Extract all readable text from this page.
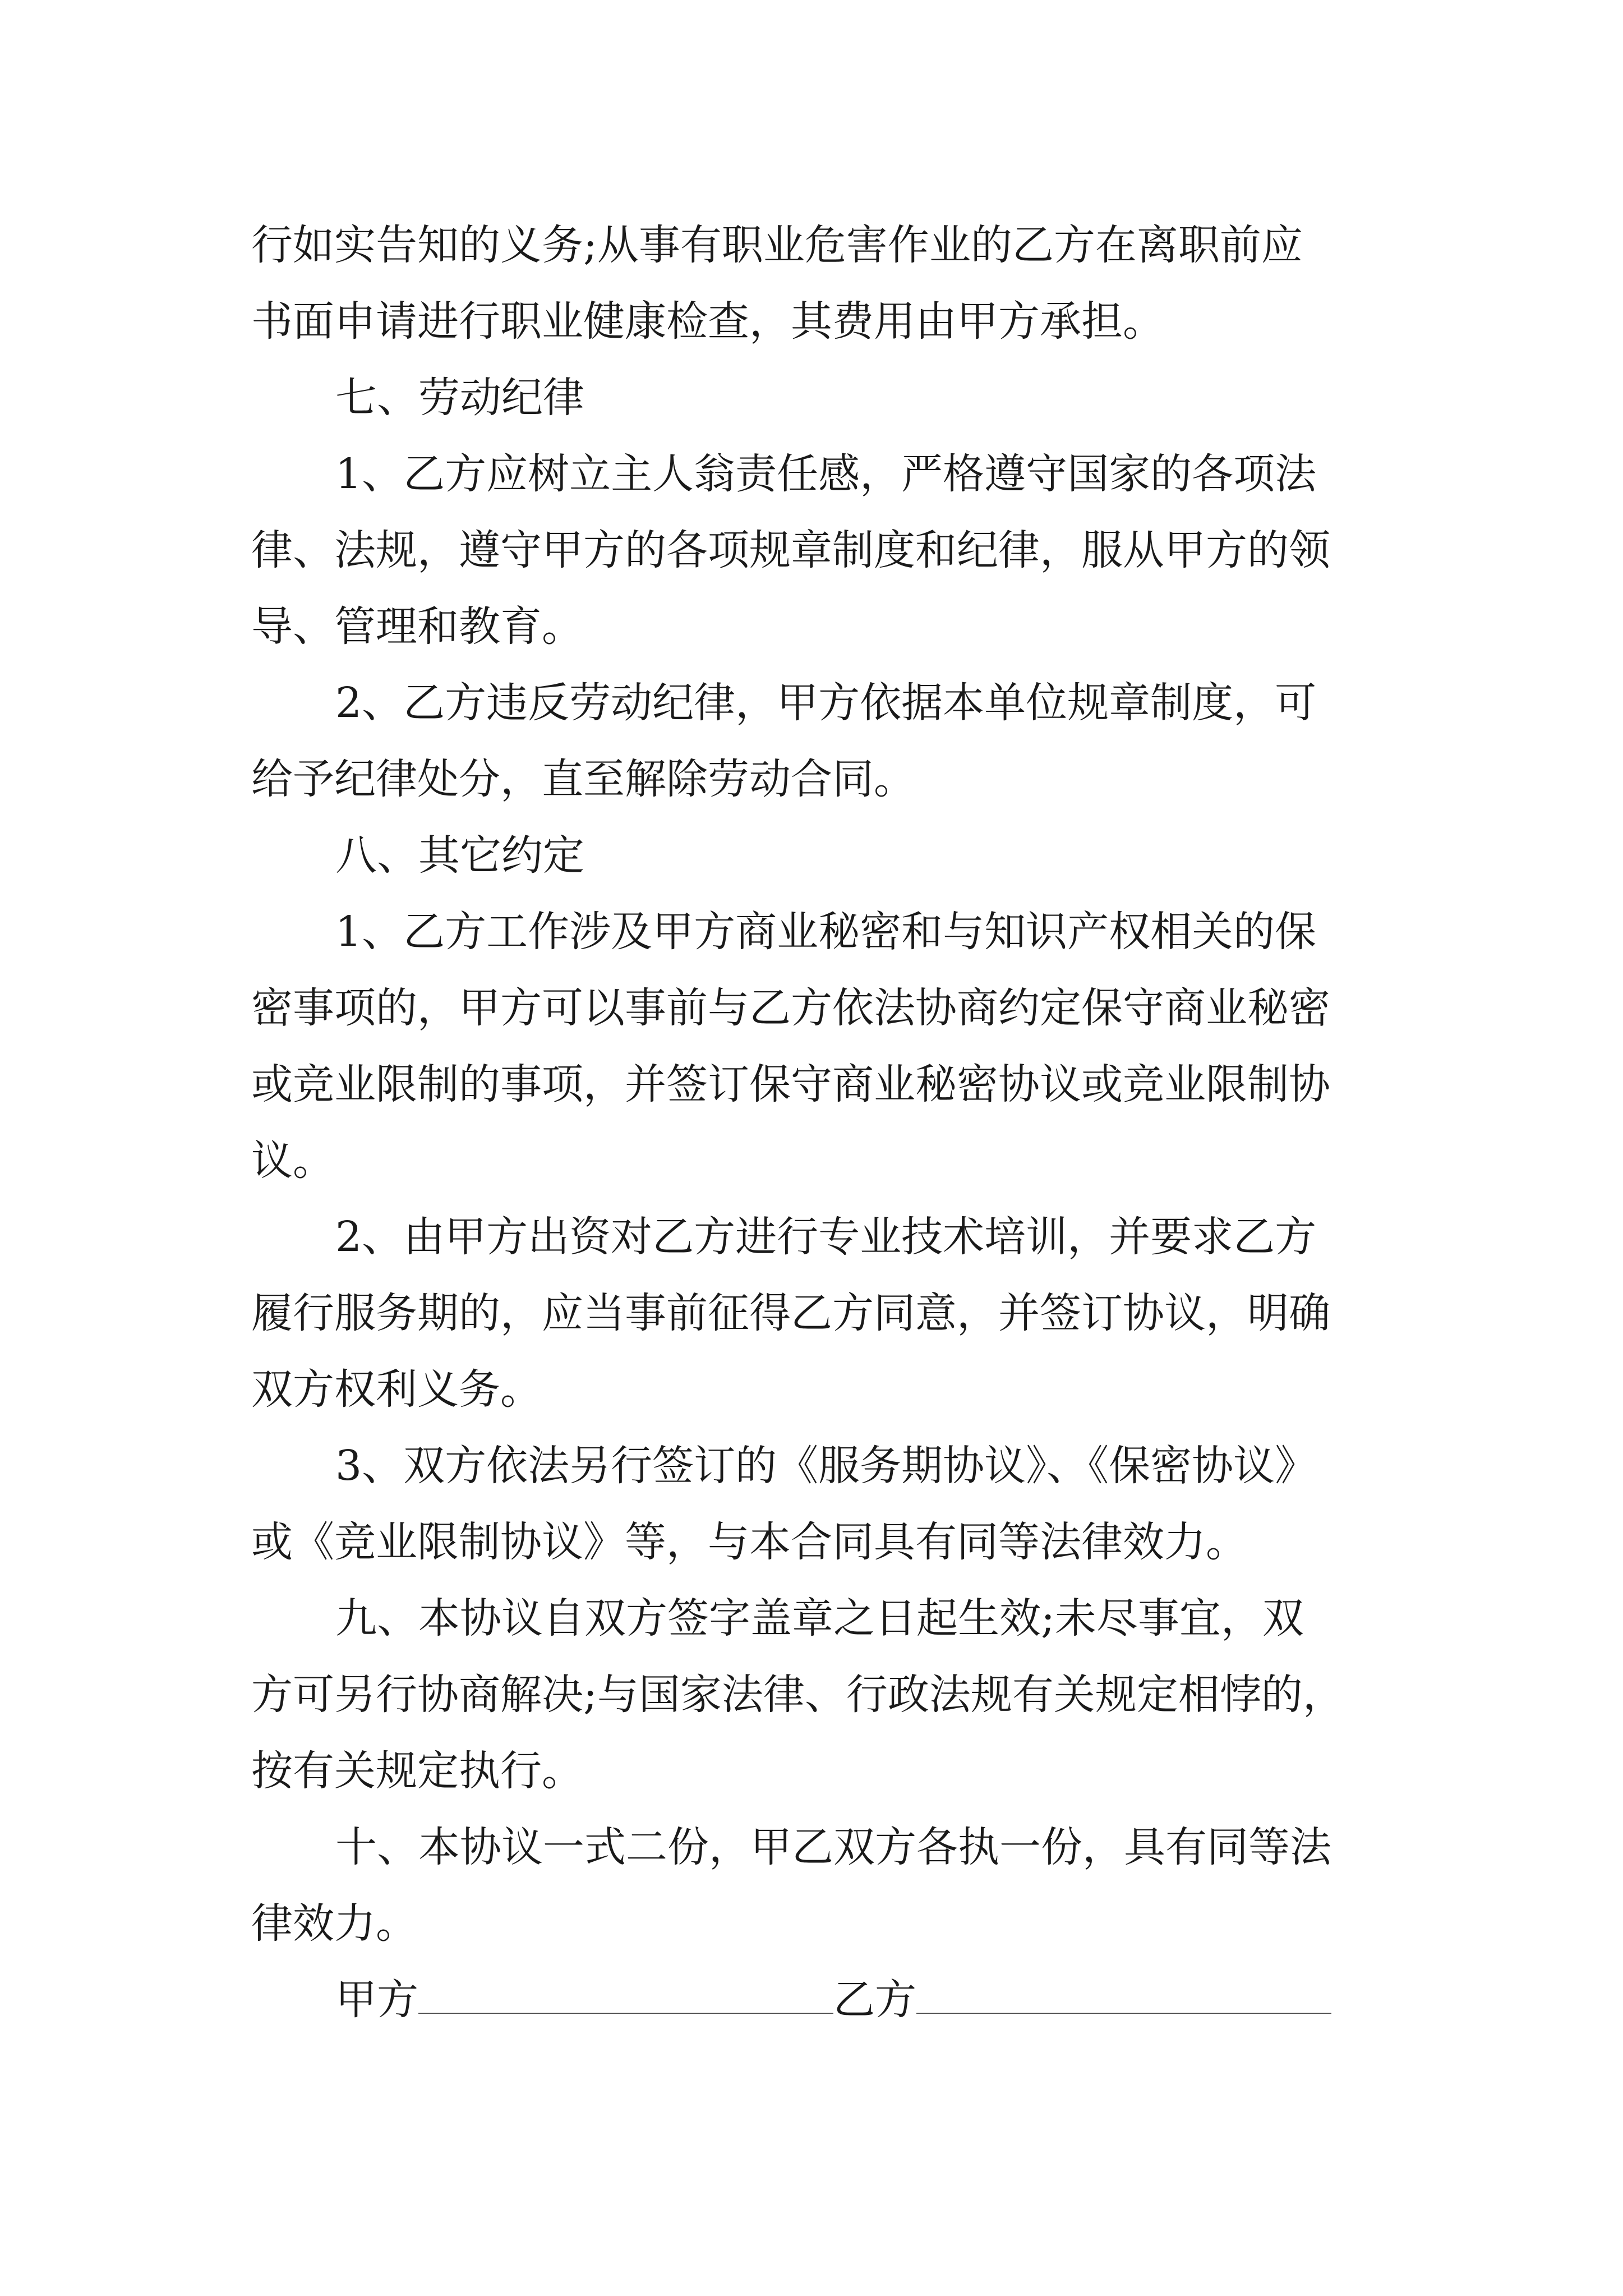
行如实告知的义务;从事有职业危害作业的乙方在离职前应
书面申请进行职业健康检查，其费用由甲方承担。
七、劳动纪律
1、乙方应树立主人翁责任感，严格遵守国家的各项法
律、法规，遵守甲方的各项规章制度和纪律，服从甲方的领
导、管理和教育。
2、乙方违反劳动纪律，甲方依据本单位规章制度，可
给予纪律处分，直至解除劳动合同。
八、其它约定
1、乙方工作涉及甲方商业秘密和与知识产权相关的保
密事项的，甲方可以事前与乙方依法协商约定保守商业秘密
或竞业限制的事项，并签订保守商业秘密协议或竞业限制协
议。
2、由甲方出资对乙方进行专业技术培训，并要求乙方
履行服务期的，应当事前征得乙方同意，并签订协议，明确
双方权利义务。
3、双方依法另行签订的《服务期协议》、《保密协议》
或《竞业限制协议》等，与本合同具有同等法律效力。
九、本协议自双方签字盖章之日起生效;未尽事宜，双
方可另行协商解决;与国家法律、行政法规有关规定相悖的，
按有关规定执行。
十、本协议一式二份，甲乙双方各执一份，具有同等法
律效力。
甲方	乙方
